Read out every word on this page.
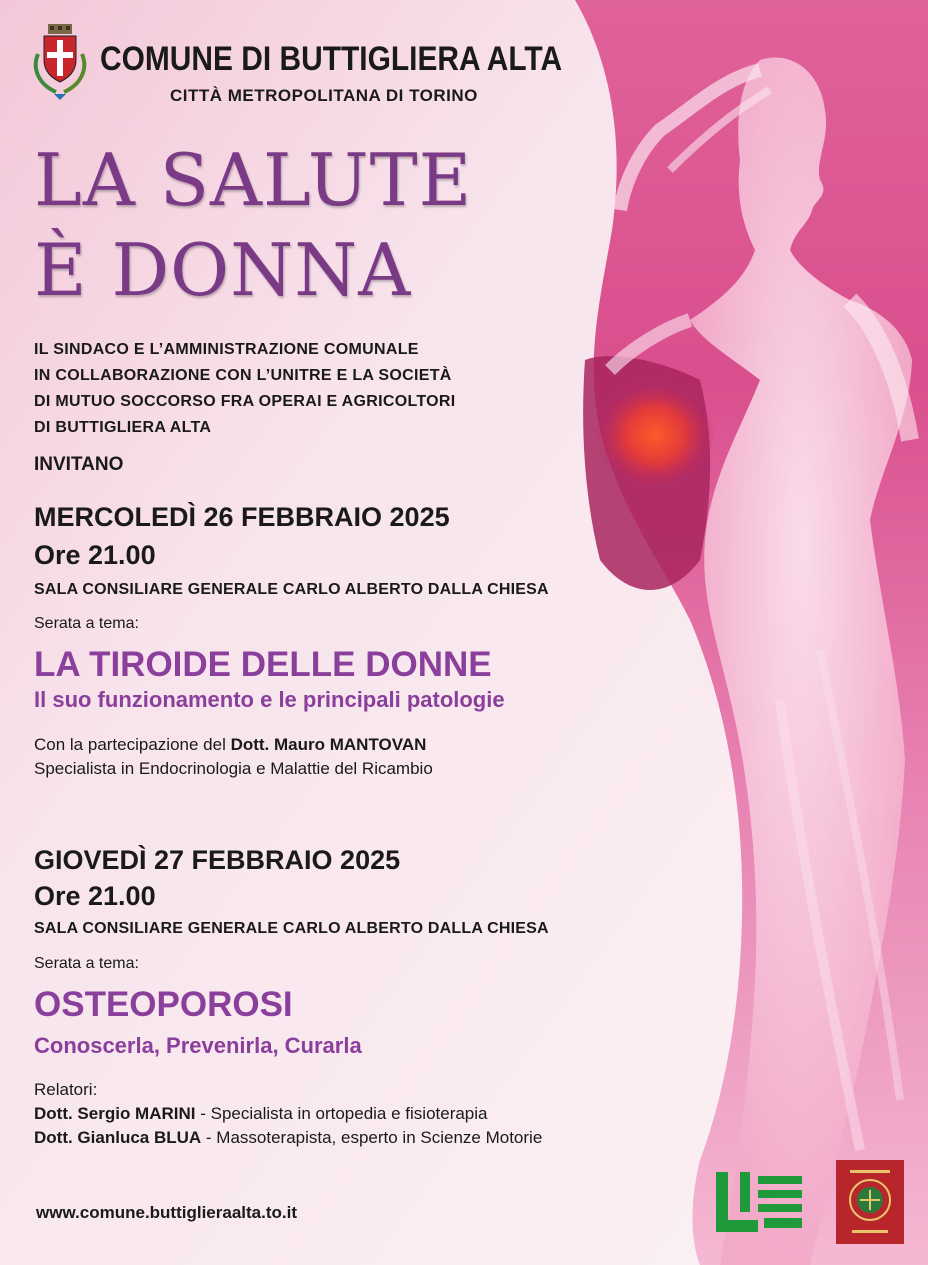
COMUNE DI BUTTIGLIERA ALTA
CITTÀ METROPOLITANA DI TORINO
LA SALUTE
È DONNA
IL SINDACO E L’AMMINISTRAZIONE COMUNALE
IN COLLABORAZIONE CON L’UNITRE E LA SOCIETÀ
DI MUTUO SOCCORSO FRA OPERAI E AGRICOLTORI
DI BUTTIGLIERA ALTA
INVITANO
MERCOLEDÌ 26 FEBBRAIO 2025
Ore 21.00
SALA CONSILIARE GENERALE CARLO ALBERTO DALLA CHIESA
Serata a tema:
LA TIROIDE DELLE DONNE
Il suo funzionamento e le principali patologie
Con la partecipazione del Dott. Mauro MANTOVAN
Specialista in Endocrinologia e Malattie del Ricambio
GIOVEDÌ 27 FEBBRAIO 2025
Ore 21.00
SALA CONSILIARE GENERALE CARLO ALBERTO DALLA CHIESA
Serata a tema:
OSTEOPOROSI
Conoscerla, Prevenirla, Curarla
Relatori:
Dott. Sergio MARINI - Specialista in ortopedia e fisioterapia
Dott. Gianluca BLUA - Massoterapista, esperto in Scienze Motorie
www.comune.buttiglieraalta.to.it
